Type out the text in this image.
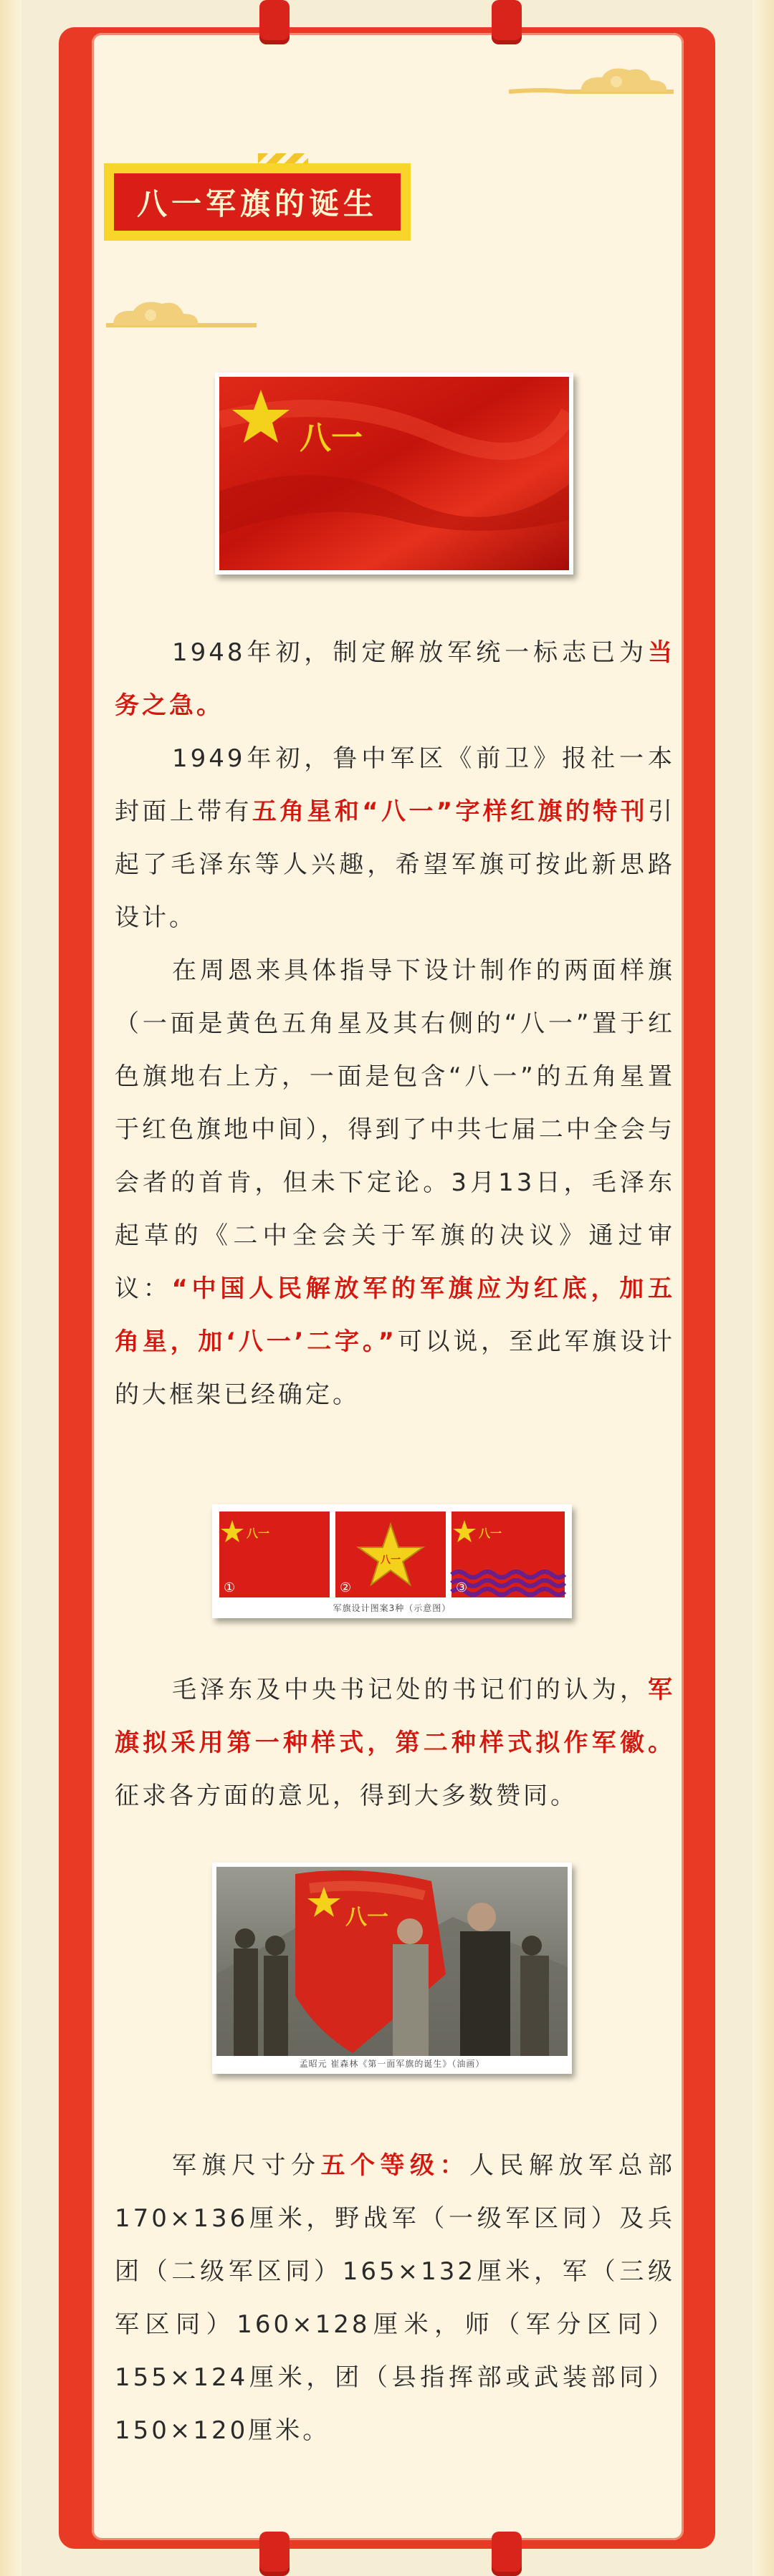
八一军旗的诞生
八一

1948年初，制定解放军统一标志已为当务之急。

1949年初，鲁中军区《前卫》报社一本封面上带有五角星和“八一”字样红旗的特刊引起了毛泽东等人兴趣，希望军旗可按此新思路设计。

在周恩来具体指导下设计制作的两面样旗（一面是黄色五角星及其右侧的“八一”置于红色旗地右上方，一面是包含“八一”的五角星置于红色旗地中间），得到了中共七届二中全会与会者的首肯，但未下定论。3月13日，毛泽东起草的《二中全会关于军旗的决议》通过审议：“中国人民解放军的军旗应为红底，加五角星，加‘八一’二字。”可以说，至此军旗设计的大框架已经确定。

八一
①
八一
②
八一
③
军旗设计图案3种（示意图）

毛泽东及中央书记处的书记们的认为，军旗拟采用第一种样式，第二种样式拟作军徽。征求各方面的意见，得到大多数赞同。

八一
孟昭元 崔森林《第一面军旗的诞生》（油画）

军旗尺寸分五个等级：人民解放军总部170×136厘米，野战军（一级军区同）及兵团（二级军区同）165×132厘米，军（三级军区同）160×128厘米，师（军分区同）155×124厘米，团（县指挥部或武装部同）150×120厘米。
